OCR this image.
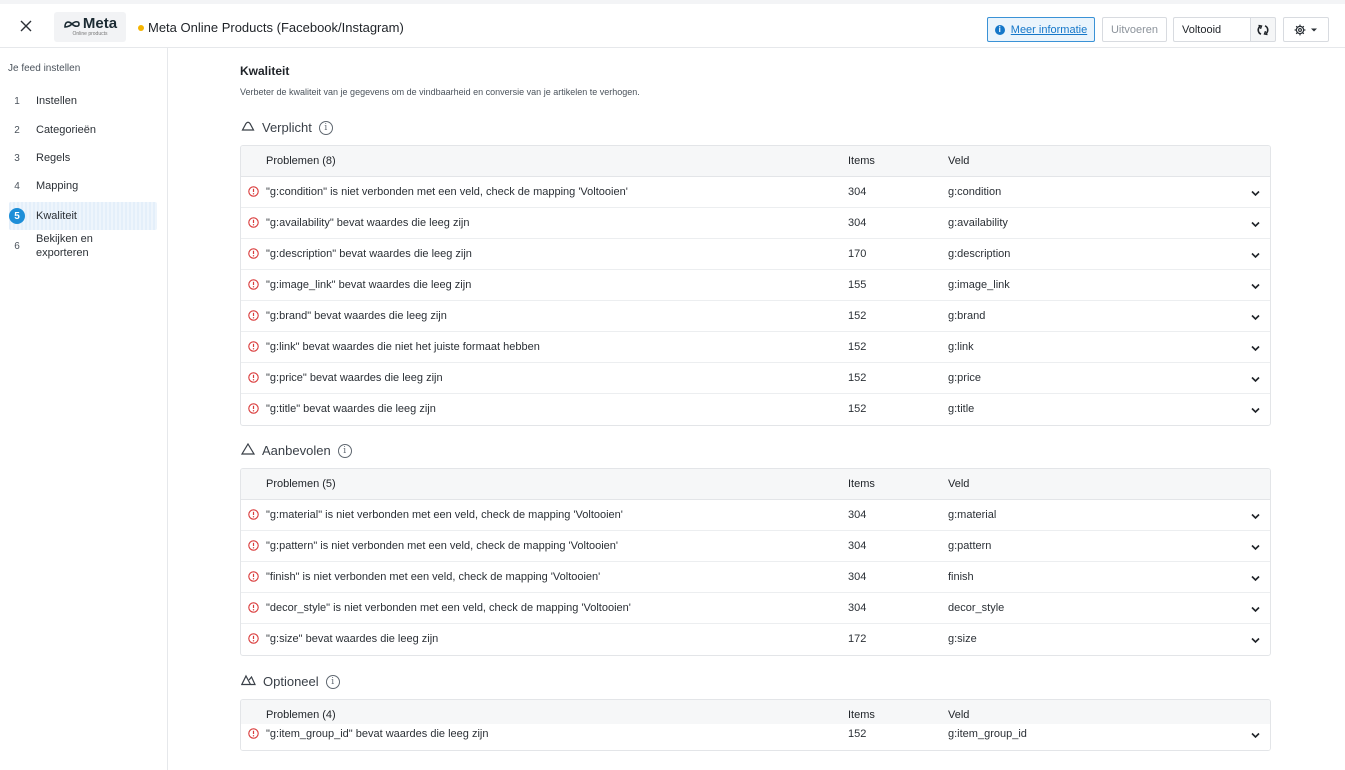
Meta
Online products	Meta Online Products (Facebook/Instagram)	i Meer informatie	Uitvoeren	Voltooid
Je feed instellen
1	Instellen
2	Categorieën
3	Regels
4	Mapping
5	Kwaliteit
6
Bekijken en exporteren
Kwaliteit
Verbeter de kwaliteit van je gegevens om de vindbaarheid en conversie van je artikelen te verhogen.
Verplicht	i
Problemen (8)	Items	Veld
"g:condition" is niet verbonden met een veld, check de mapping 'Voltooien'	304	g:condition
"g:availability" bevat waardes die leeg zijn	304	g:availability
"g:description" bevat waardes die leeg zijn	170	g:description
"g:image_link" bevat waardes die leeg zijn	155	g:image_link
"g:brand" bevat waardes die leeg zijn	152	g:brand
"g:link" bevat waardes die niet het juiste formaat hebben	152	g:link
"g:price" bevat waardes die leeg zijn	152	g:price
"g:title" bevat waardes die leeg zijn	152	g:title
Aanbevolen	i
Problemen (5)	Items	Veld
"g:material" is niet verbonden met een veld, check de mapping 'Voltooien'	304	g:material
"g:pattern" is niet verbonden met een veld, check de mapping 'Voltooien'	304	g:pattern
"finish" is niet verbonden met een veld, check de mapping 'Voltooien'	304	finish
"decor_style" is niet verbonden met een veld, check de mapping 'Voltooien'	304	decor_style
"g:size" bevat waardes die leeg zijn	172	g:size
Optioneel	i
Problemen (4)	Items	Veld
"g:item_group_id" bevat waardes die leeg zijn	152	g:item_group_id
